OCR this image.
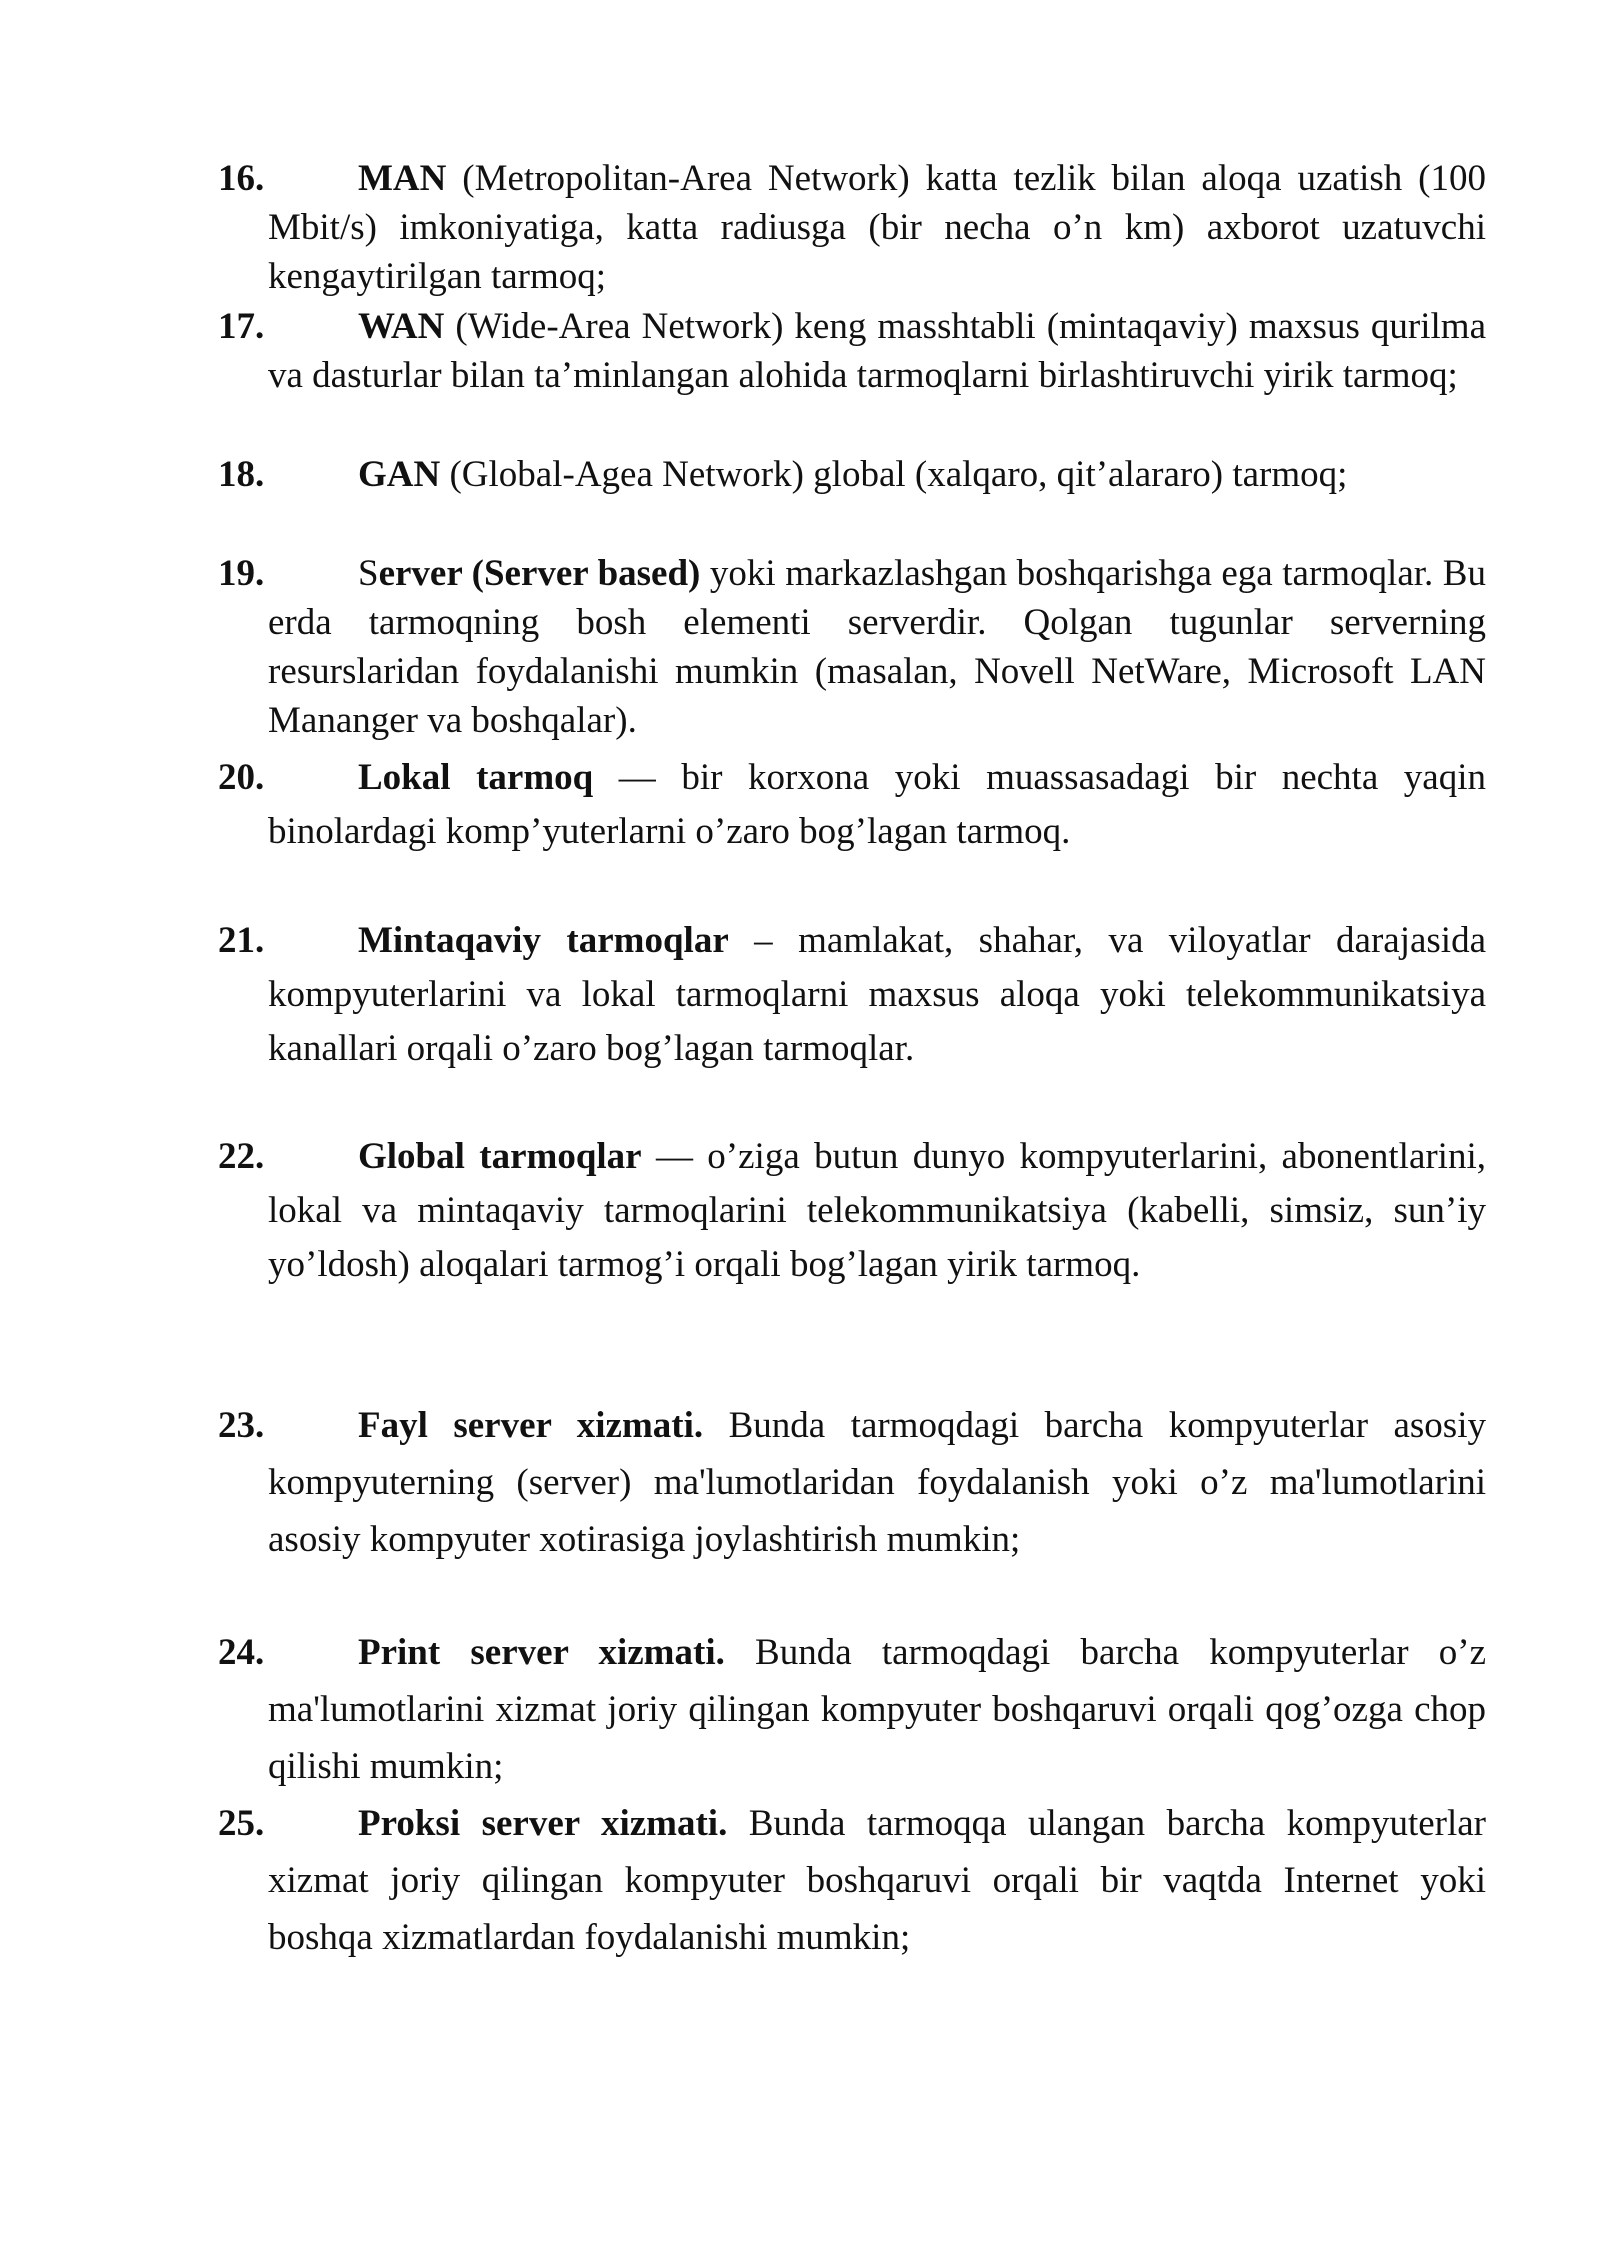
16.	MAN (Metropolitan-Area Network) katta tezlik bilan aloqa uzatish (100 Mbit/s) imkoniyatiga, katta radiusga (bir necha o’n km) axborot uzatuvchi kengaytirilgan tarmoq;

17.	WAN (Wide-Area Network) keng masshtabli (mintaqaviy) maxsus qurilma va dasturlar bilan ta’minlangan alohida tarmoqlarni birlashtiruvchi yirik tarmoq;

18.	GAN (Global-Agea Network) global (xalqaro, qit’alararo) tarmoq;

19.	Server (Server based) yoki markazlashgan boshqarishga ega tarmoqlar. Bu erda tarmoqning bosh elementi serverdir. Qolgan tugunlar serverning resurslaridan foydalanishi mumkin (masalan, Novell NetWare, Microsoft LAN Mananger va boshqalar).

20.	Lokal tarmoq — bir korxona yoki muassasadagi bir nechta yaqin binolardagi komp’yuterlarni o’zaro bog’lagan tarmoq.

21.	Mintaqaviy tarmoqlar – mamlakat, shahar, va viloyatlar darajasida kompyuterlarini va lokal tarmoqlarni maxsus aloqa yoki telekommunikatsiya kanallari orqali o’zaro bog’lagan tarmoqlar.

22.	Global tarmoqlar — o’ziga butun dunyo kompyuterlarini, abonentlarini, lokal va mintaqaviy tarmoqlarini telekommunikatsiya (kabelli, simsiz, sun’iy yo’ldosh) aloqalari tarmog’i orqali bog’lagan yirik tarmoq.

23.	Fayl server xizmati. Bunda tarmoqdagi barcha kompyuterlar asosiy kompyuterning (server) ma'lumotlaridan foydalanish yoki o’z ma'lumotlarini asosiy kompyuter xotirasiga joylashtirish mumkin;

24.	Print server xizmati. Bunda tarmoqdagi barcha kompyuterlar o’z ma'lumotlarini xizmat joriy qilingan kompyuter boshqaruvi orqali qog’ozga chop qilishi mumkin;

25.	Proksi server xizmati. Bunda tarmoqqa ulangan barcha kompyuterlar xizmat joriy qilingan kompyuter boshqaruvi orqali bir vaqtda Internet yoki boshqa xizmatlardan foydalanishi mumkin;
